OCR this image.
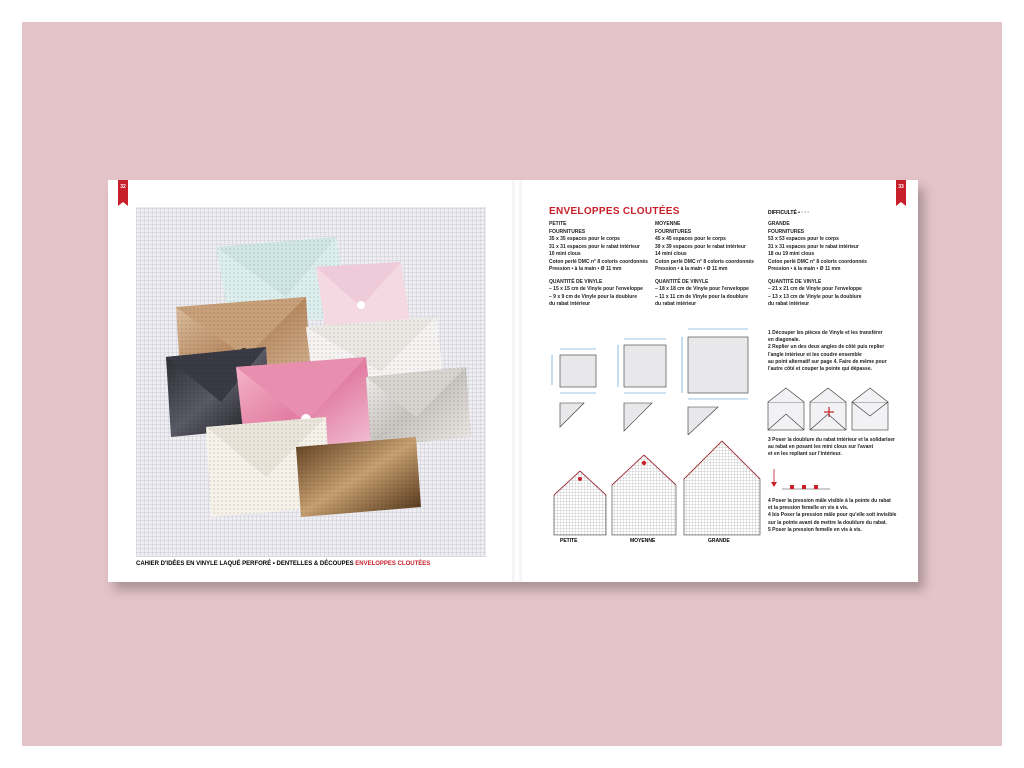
32	33
CAHIER D'IDÉES EN VINYLE LAQUÉ PERFORÉ • DENTELLES & DÉCOUPES ENVELOPPES CLOUTÉES
ENVELOPPES CLOUTÉES	DIFFICULTÉ • · · ·
PETITE
FOURNITURES
35 x 35 espaces pour le corps
31 x 31 espaces pour le rabat intérieur
10 mini clous
Coton perlé DMC n° 8 coloris coordonnés
Pression • à la main • Ø 11 mm
QUANTITÉ DE VINYLE
– 15 x 15 cm de Vinyle pour l'enveloppe
– 9 x 9 cm de Vinyle pour la doublure
du rabat intérieur
MOYENNE
FOURNITURES
45 x 45 espaces pour le corps
39 x 39 espaces pour le rabat intérieur
14 mini clous
Coton perlé DMC n° 8 coloris coordonnés
Pression • à la main • Ø 11 mm
QUANTITÉ DE VINYLE
– 18 x 18 cm de Vinyle pour l'enveloppe
– 11 x 11 cm de Vinyle pour la doublure
du rabat intérieur
GRANDE
FOURNITURES
53 x 53 espaces pour le corps
31 x 31 espaces pour le rabat intérieur
18 ou 19 mini clous
Coton perlé DMC n° 8 coloris coordonnés
Pression • à la main • Ø 11 mm
QUANTITÉ DE VINYLE
– 21 x 21 cm de Vinyle pour l'enveloppe
– 13 x 13 cm de Vinyle pour la doublure
du rabat intérieur
PETITE	MOYENNE	GRANDE
1 Découper les pièces de Vinyle et les transférer
en diagonale.
2 Replier un des deux angles de côté puis replier
l'angle intérieur et les coudre ensemble
au point alternatif sur page 4. Faire de même pour
l'autre côté et couper la pointe qui dépasse.
3 Poser la doublure du rabat intérieur et la solidariser
au rabat en posant les mini clous sur l'avant
et en les repliant sur l'intérieur.
4 Poser la pression mâle visible à la pointe du rabat
et la pression femelle en vis à vis.
4 bis Poser la pression mâle pour qu'elle soit invisible
sur la pointe avant de mettre la doublure du rabat.
5 Poser la pression femelle en vis à vis.
